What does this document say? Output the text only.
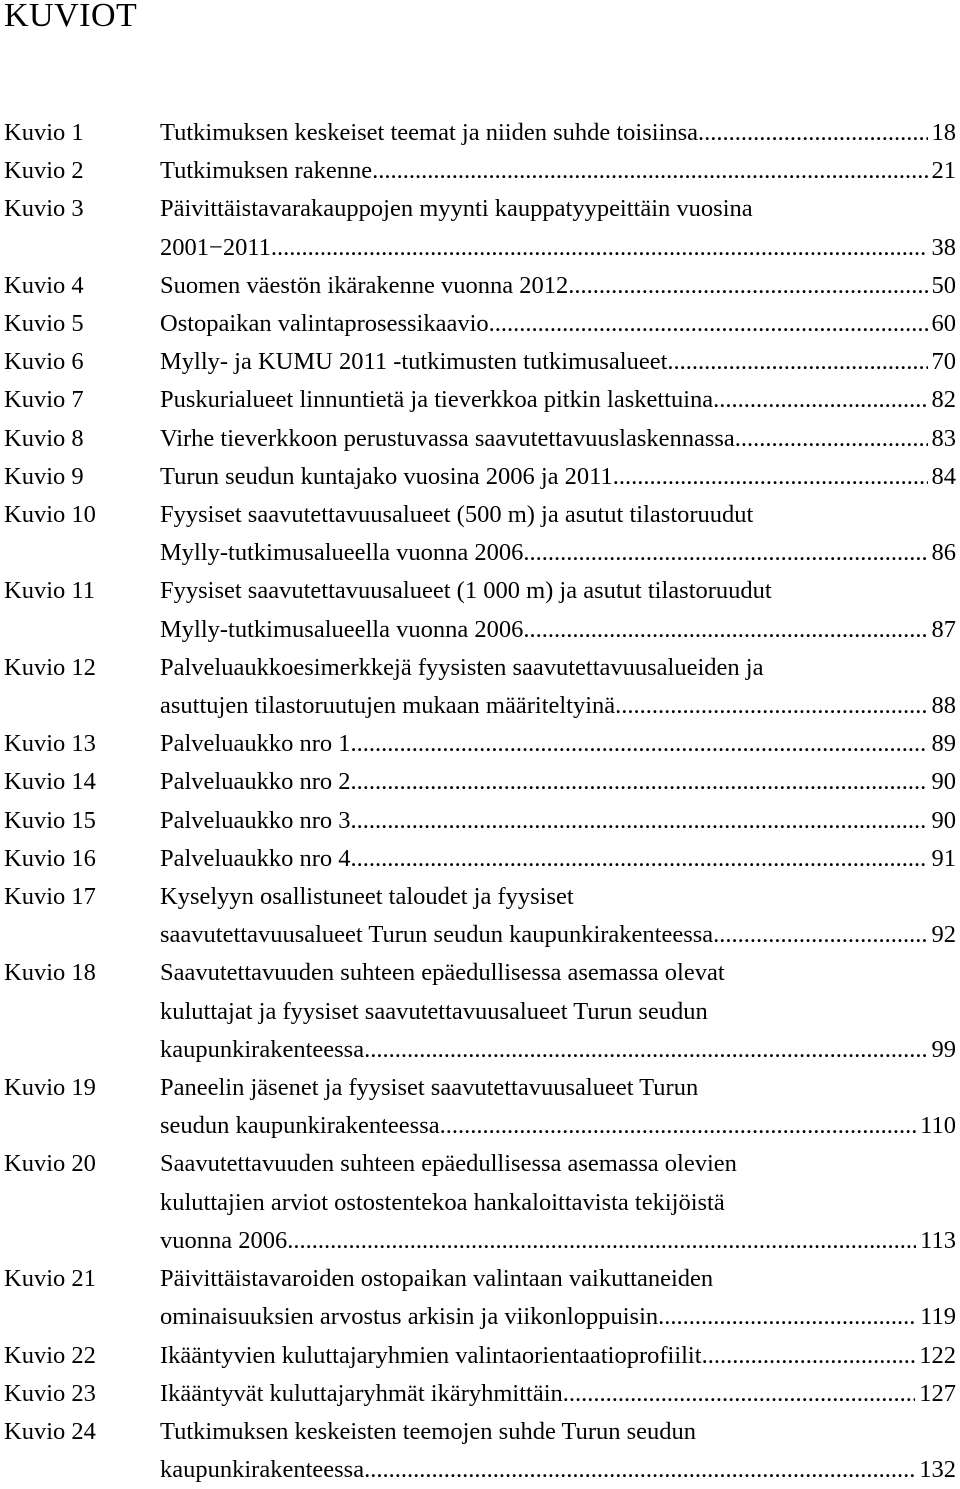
KUVIOT
Kuvio 1	Tutkimuksen keskeiset teemat ja niiden suhde toisiinsa .....	18
Kuvio 2	Tutkimuksen rakenne .....	21
Kuvio 3	Päivittäistavarakauppojen myynti kauppatyypeittäin vuosina
2001−2011 .....	38
Kuvio 4	Suomen väestön ikärakenne vuonna 2012 .....	50
Kuvio 5	Ostopaikan valintaprosessikaavio .....	60
Kuvio 6	Mylly- ja KUMU 2011 -tutkimusten tutkimusalueet .....	70
Kuvio 7	Puskurialueet linnuntietä ja tieverkkoa pitkin laskettuina .....	82
Kuvio 8	Virhe tieverkkoon perustuvassa saavutettavuuslaskennassa .....	83
Kuvio 9	Turun seudun kuntajako vuosina 2006 ja 2011 .....	84
Kuvio 10	Fyysiset saavutettavuusalueet (500 m) ja asutut tilastoruudut
Mylly-tutkimusalueella vuonna 2006 .....	86
Kuvio 11	Fyysiset saavutettavuusalueet (1 000 m) ja asutut tilastoruudut
Mylly-tutkimusalueella vuonna 2006 .....	87
Kuvio 12	Palveluaukkoesimerkkejä fyysisten saavutettavuusalueiden ja
asuttujen tilastoruutujen mukaan määriteltyinä .....	88
Kuvio 13	Palveluaukko nro 1 .....	89
Kuvio 14	Palveluaukko nro 2 .....	90
Kuvio 15	Palveluaukko nro 3 .....	90
Kuvio 16	Palveluaukko nro 4 .....	91
Kuvio 17	Kyselyyn osallistuneet taloudet ja fyysiset
saavutettavuusalueet Turun seudun kaupunkirakenteessa .....	92
Kuvio 18	Saavutettavuuden suhteen epäedullisessa asemassa olevat
kuluttajat ja fyysiset saavutettavuusalueet Turun seudun
kaupunkirakenteessa .....	99
Kuvio 19	Paneelin jäsenet ja fyysiset saavutettavuusalueet Turun
seudun kaupunkirakenteessa .....	110
Kuvio 20	Saavutettavuuden suhteen epäedullisessa asemassa olevien
kuluttajien arviot ostostentekoa hankaloittavista tekijöistä
vuonna 2006 .....	113
Kuvio 21	Päivittäistavaroiden ostopaikan valintaan vaikuttaneiden
ominaisuuksien arvostus arkisin ja viikonloppuisin. .....	119
Kuvio 22	Ikääntyvien kuluttajaryhmien valintaorientaatioprofiilit .....	122
Kuvio 23	Ikääntyvät kuluttajaryhmät ikäryhmittäin .....	127
Kuvio 24	Tutkimuksen keskeisten teemojen suhde Turun seudun
kaupunkirakenteessa .....	132
